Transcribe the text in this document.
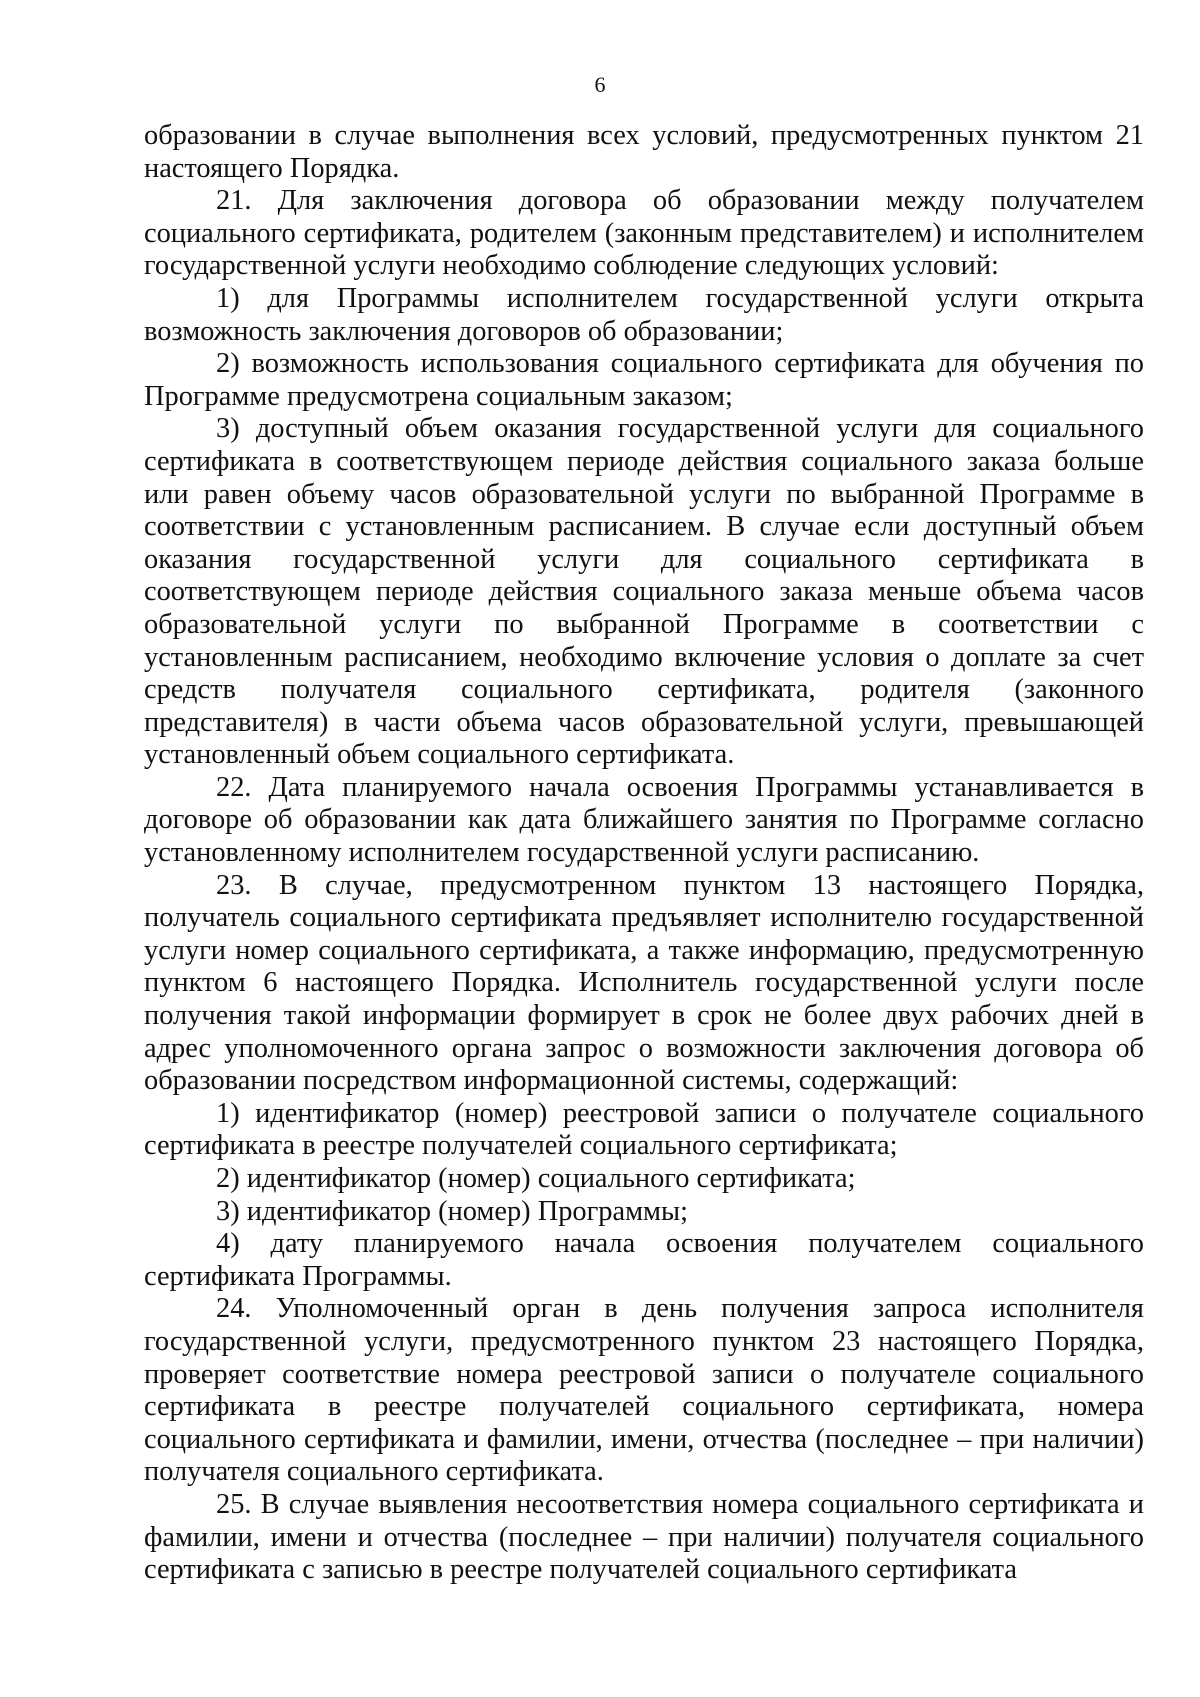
6

образовании в случае выполнения всех условий, предусмотренных пунктом 21 настоящего Порядка.

21. Для заключения договора об образовании между получателем социального сертификата, родителем (законным представителем) и исполнителем государственной услуги необходимо соблюдение следующих условий:

1) для Программы исполнителем государственной услуги открыта возможность заключения договоров об образовании;

2) возможность использования социального сертификата для обучения по Программе предусмотрена социальным заказом;

3) доступный объем оказания государственной услуги для социального сертификата в соответствующем периоде действия социального заказа больше или равен объему часов образовательной услуги по выбранной Программе в соответствии с установленным расписанием. В случае если доступный объем оказания государственной услуги для социального сертификата в соответствующем периоде действия социального заказа меньше объема часов образовательной услуги по выбранной Программе в соответствии с установленным расписанием, необходимо включение условия о доплате за счет средств получателя социального сертификата, родителя (законного представителя) в части объема часов образовательной услуги, превышающей установленный объем социального сертификата.

22. Дата планируемого начала освоения Программы устанавливается в договоре об образовании как дата ближайшего занятия по Программе согласно установленному исполнителем государственной услуги расписанию.

23. В случае, предусмотренном пунктом 13 настоящего Порядка, получатель социального сертификата предъявляет исполнителю государственной услуги номер социального сертификата, а также информацию, предусмотренную пунктом 6 настоящего Порядка. Исполнитель государственной услуги после получения такой информации формирует в срок не более двух рабочих дней в адрес уполномоченного органа запрос о возможности заключения договора об образовании посредством информационной системы, содержащий:

1) идентификатор (номер) реестровой записи о получателе социального сертификата в реестре получателей социального сертификата;

2) идентификатор (номер) социального сертификата;

3) идентификатор (номер) Программы;

4) дату планируемого начала освоения получателем социального сертификата Программы.

24. Уполномоченный орган в день получения запроса исполнителя государственной услуги, предусмотренного пунктом 23 настоящего Порядка, проверяет соответствие номера реестровой записи о получателе социального сертификата в реестре получателей социального сертификата, номера социального сертификата и фамилии, имени, отчества (последнее – при наличии) получателя социального сертификата.

25. В случае выявления несоответствия номера социального сертификата и фамилии, имени и отчества (последнее – при наличии) получателя социального сертификата с записью в реестре получателей социального сертификата
